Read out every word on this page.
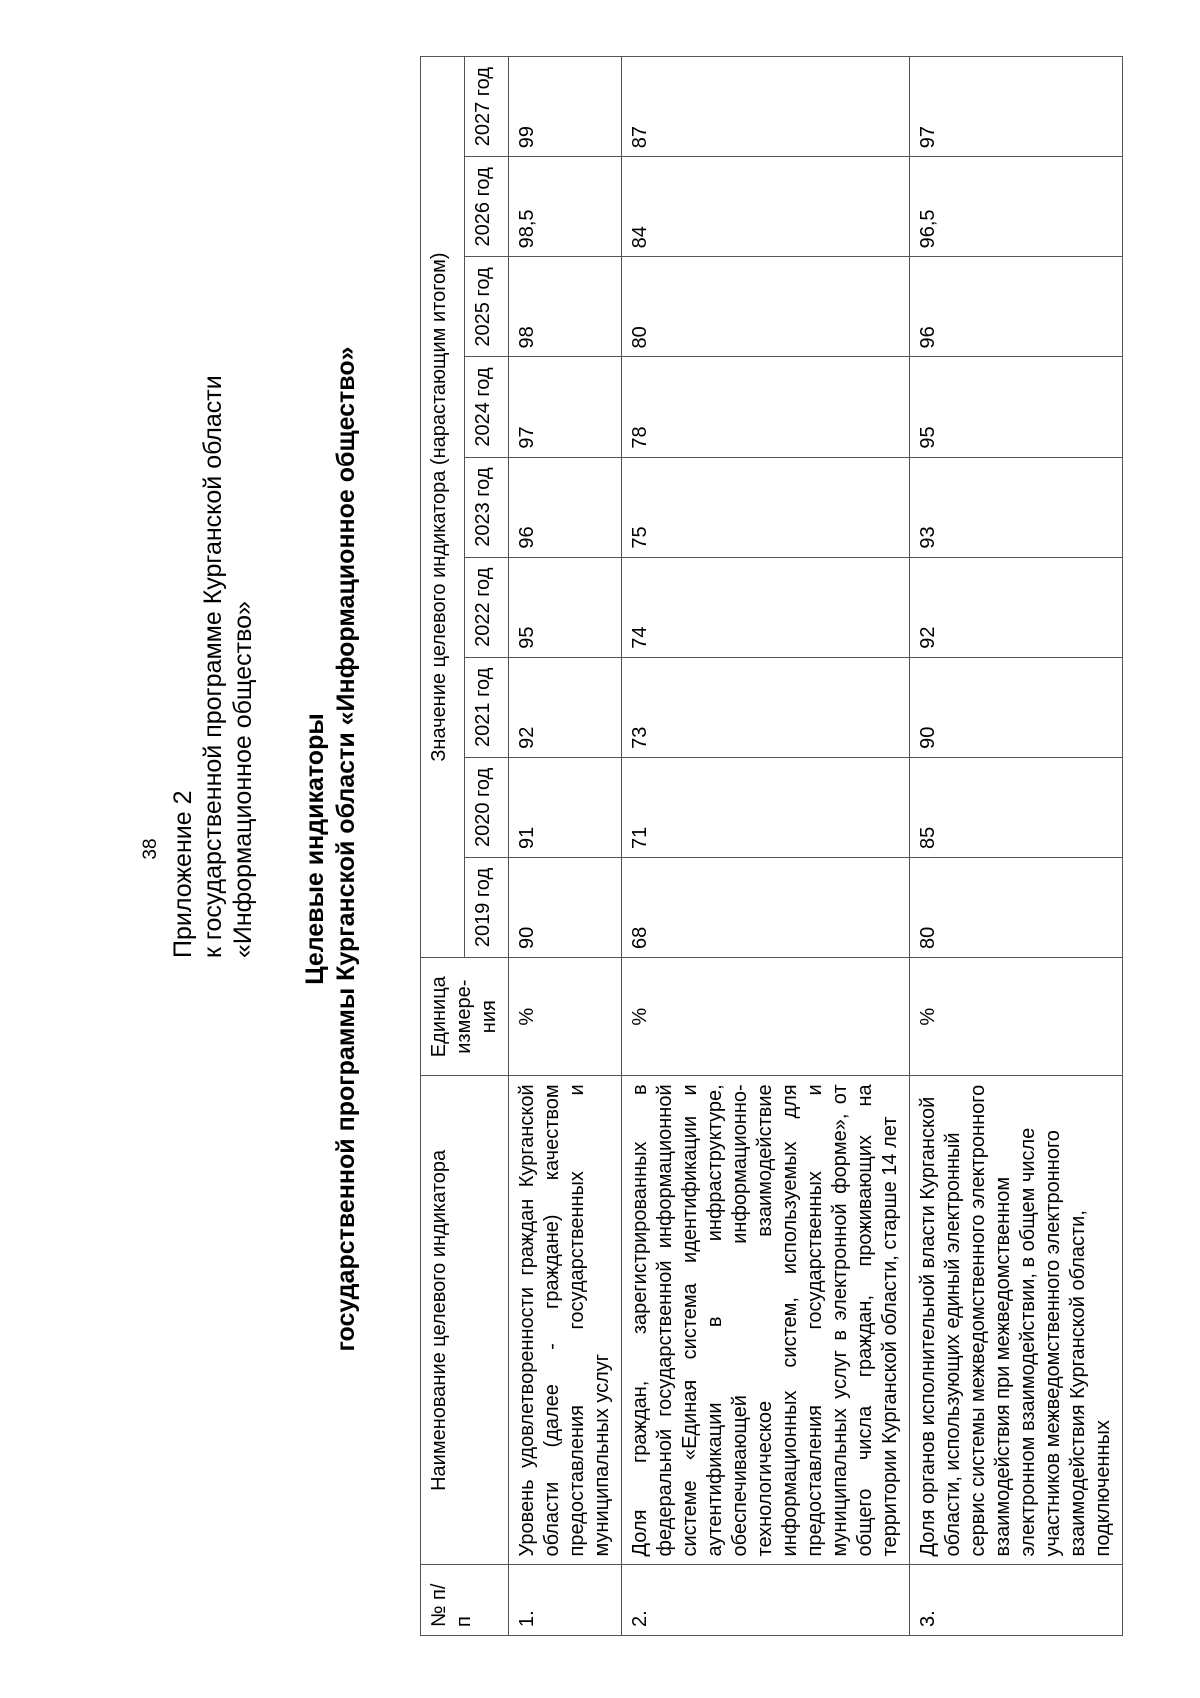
38 Приложение 2 к государственной программе Курганской области «Информационное общество» Целевые индикаторы государственной программы Курганской области «Информационное общество»
№ п/п	Наименование целевого индикатора	Единица измере-ния	Значение целевого индикатора (нарастающим итогом)								
			2019 год	2020 год	2021 год	2022 год	2023 год	2024 год	2025 год	2026 год	2027 год
1.	Уровень удовлетворенности граждан Курганской области (далее - граждане) качеством предоставления государственных и муниципальных услуг	%	90	91	92	95	96	97	98	98,5	99
2.	Доля граждан, зарегистрированных в федеральной государственной информационной системе «Единая система идентификации и аутентификации в инфраструктуре, обеспечивающей информационно-технологическое взаимодействие информационных систем, используемых для предоставления государственных и муниципальных услуг в электронной форме», от общего числа граждан, проживающих на территории Курганской области, старше 14 лет	%	68	71	73	74	75	78	80	84	87
3.	Доля органов исполнительной власти Курганской области, использующих единый электронный сервис системы межведомственного электронного взаимодействия при межведомственном электронном взаимодействии, в общем числе участников межведомственного электронного взаимодействия Курганской области, подключенных	%	80	85	90	92	93	95	96	96,5	97
